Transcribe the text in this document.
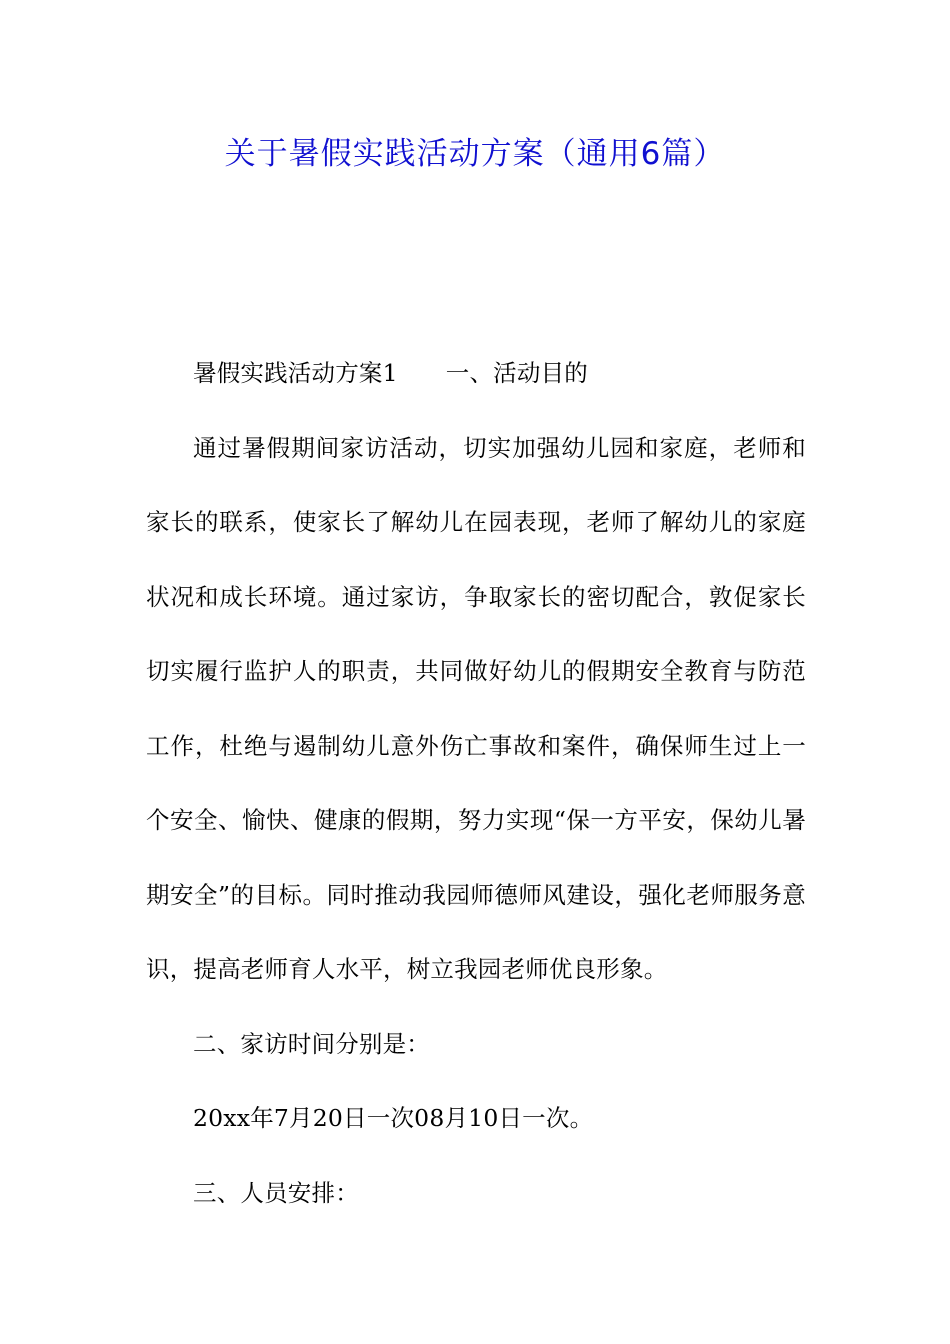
关于暑假实践活动方案（通用6篇）

暑假实践活动方案1 一、活动目的

通过暑假期间家访活动，切实加强幼儿园和家庭，老师和家长的联系，使家长了解幼儿在园表现，老师了解幼儿的家庭状况和成长环境。通过家访，争取家长的密切配合，敦促家长切实履行监护人的职责，共同做好幼儿的假期安全教育与防范工作，杜绝与遏制幼儿意外伤亡事故和案件，确保师生过上一个安全、愉快、健康的假期，努力实现“保一方平安，保幼儿暑期安全”的目标。同时推动我园师德师风建设，强化老师服务意识，提高老师育人水平，树立我园老师优良形象。

二、家访时间分别是：

20xx年7月20日一次08月10日一次。

三、人员安排：
